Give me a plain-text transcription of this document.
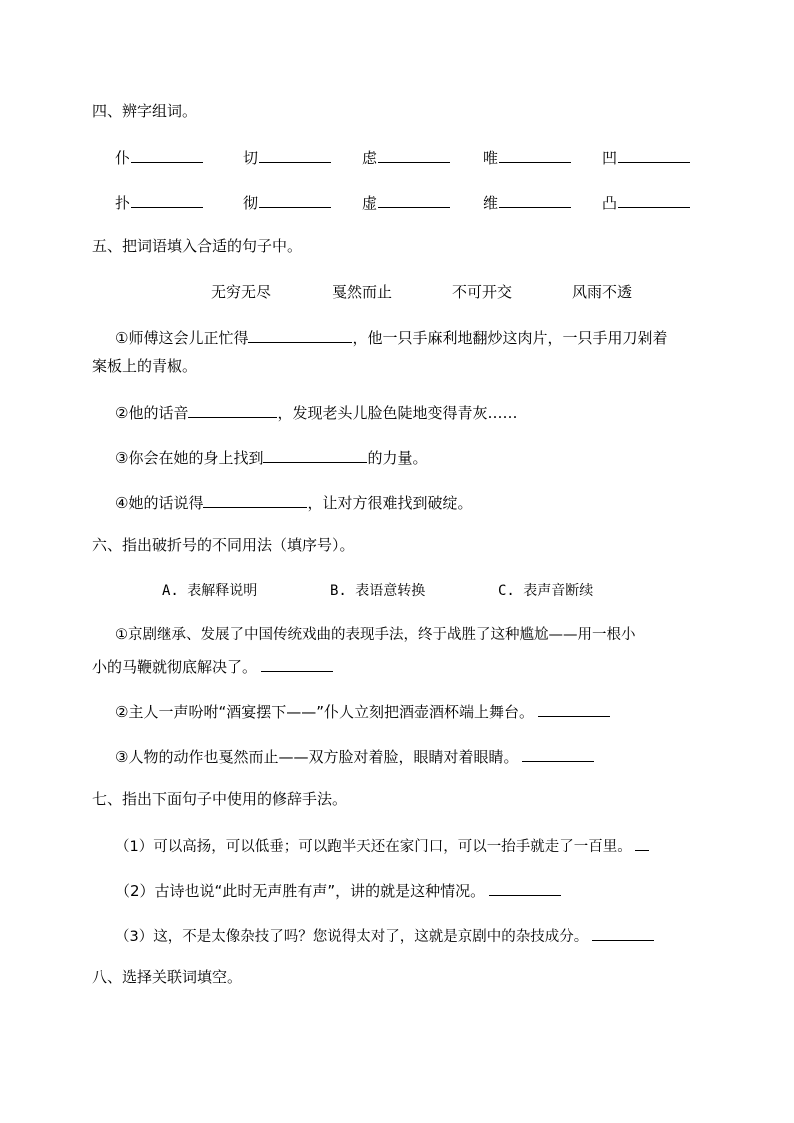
四、辨字组词。
仆	切	虑	唯	凹
扑	彻	虚	维	凸
五、把词语填入合适的句子中。
无穷无尽	戛然而止	不可开交	风雨不透
①师傅这会儿正忙得	，他一只手麻利地翻炒这肉片，一只手用刀剁着
案板上的青椒。
②他的话音	，发现老头儿脸色陡地变得青灰……
③你会在她的身上找到	的力量。
④她的话说得	，让对方很难找到破绽。
六、指出破折号的不同用法（填序号）。
A. 表解释说明	B. 表语意转换	C. 表声音断续
①京剧继承、发展了中国传统戏曲的表现手法，终于战胜了这种尴尬——用一根小
小的马鞭就彻底解决了。
②主人一声吩咐“酒宴摆下——”仆人立刻把酒壶酒杯端上舞台。
③人物的动作也戛然而止——双方脸对着脸，眼睛对着眼睛。
七、指出下面句子中使用的修辞手法。
（1）可以高扬，可以低垂；可以跑半天还在家门口，可以一抬手就走了一百里。
（2）古诗也说“此时无声胜有声”，讲的就是这种情况。
（3）这，不是太像杂技了吗？您说得太对了，这就是京剧中的杂技成分。
八、选择关联词填空。
